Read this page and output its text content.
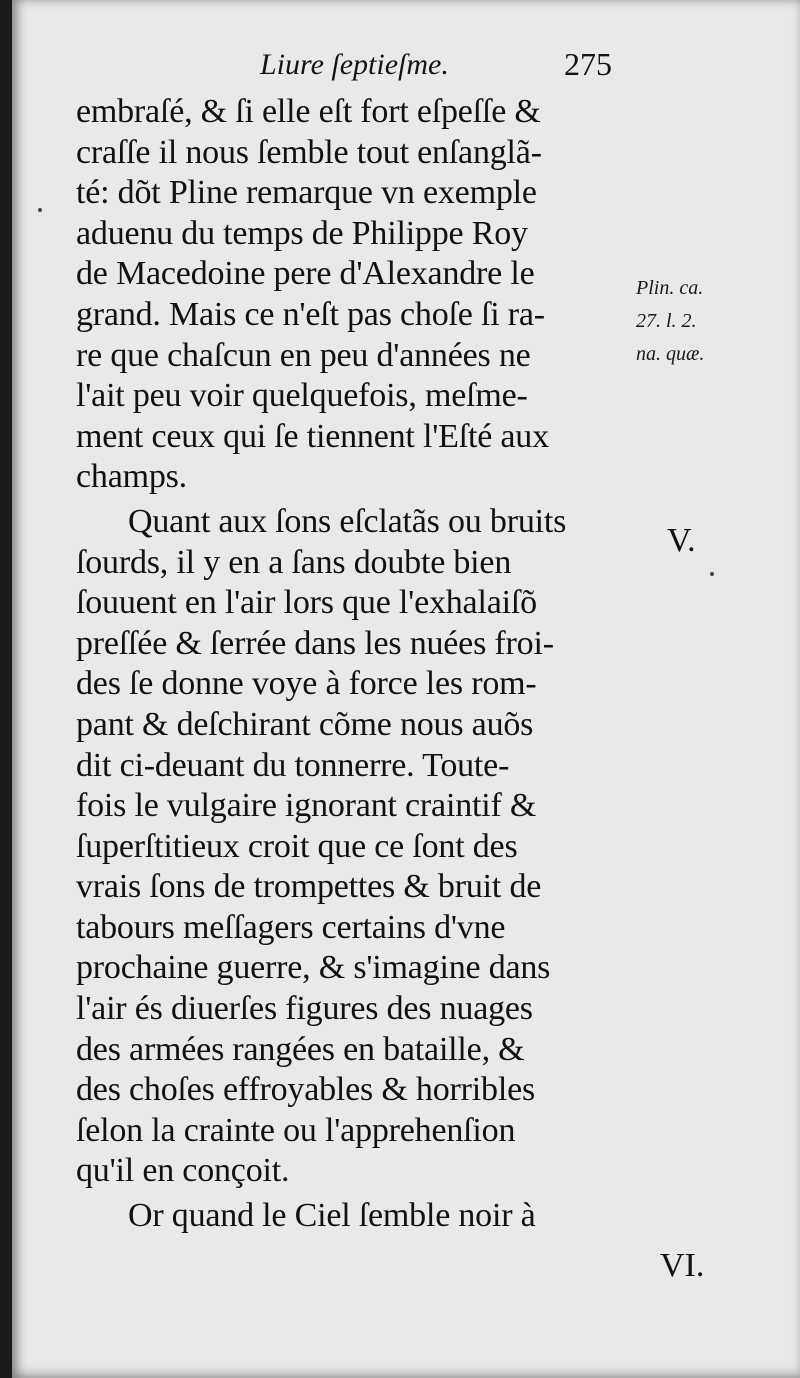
Liure ſeptieſme.	275
embraſé, & ſi elle eſt fort eſpeſſe &
craſſe il nous ſemble tout enſanglã-
té: dõt Pline remarque vn exemple
aduenu du temps de Philippe Roy
de Macedoine pere d'Alexandre le
grand. Mais ce n'eſt pas choſe ſi ra-
re que chaſcun en peu d'années ne
l'ait peu voir quelquefois, meſme-
ment ceux qui ſe tiennent l'Eſté aux
champs.
Quant aux ſons eſclatãs ou bruits
ſourds, il y en a ſans doubte bien
ſouuent en l'air lors que l'exhalaiſõ
preſſée & ſerrée dans les nuées froi-
des ſe donne voye à force les rom-
pant & deſchirant cõme nous auõs
dit ci-deuant du tonnerre. Toute-
fois le vulgaire ignorant craintif &
ſuperſtitieux croit que ce ſont des
vrais ſons de trompettes & bruit de
tabours meſſagers certains d'vne
prochaine guerre, & s'imagine dans
l'air és diuerſes figures des nuages
des armées rangées en bataille, &
des choſes effroyables & horribles
ſelon la crainte ou l'apprehenſion
qu'il en conçoit.
Or quand le Ciel ſemble noir à
Plin. ca.
27. l. 2.
na. quæ.
V.
VI.
